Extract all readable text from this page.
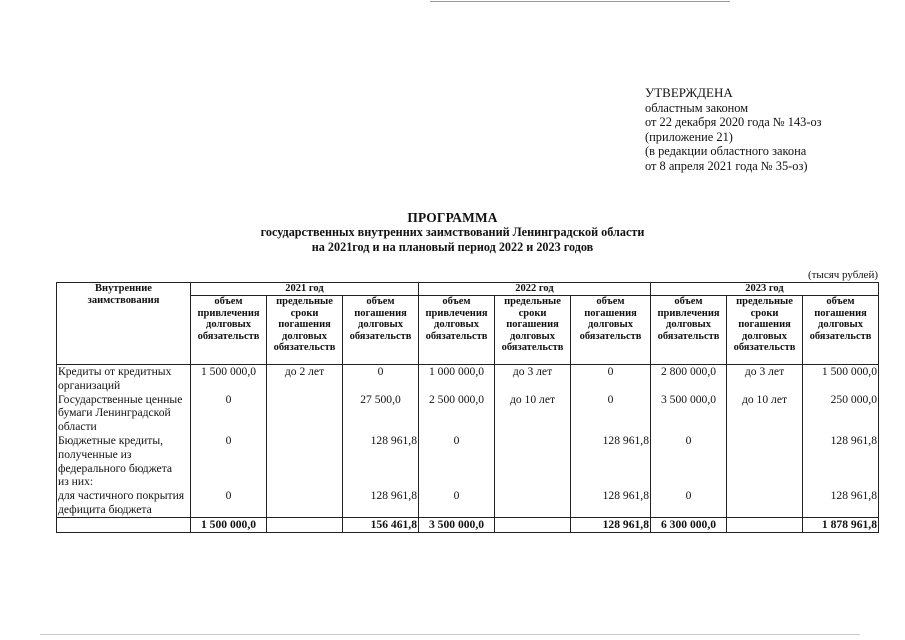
УТВЕРЖДЕНА
областным законом
от 22 декабря 2020 года № 143-оз
(приложение 21)
(в редакции областного закона
от 8 апреля 2021 года № 35-оз)
ПРОГРАММА
государственных внутренних заимствований Ленинградской области
на 2021год и на плановый период 2022 и 2023 годов
(тысяч рублей)
Внутренние заимствования	2021 год			2022 год			2023 год		
	объем привлечения долговых обязательств	предельные сроки погашения долговых обязательств	объем погашения долговых обязательств	объем привлечения долговых обязательств	предельные сроки погашения долговых обязательств	объем погашения долговых обязательств	объем привлечения долговых обязательств	предельные сроки погашения долговых обязательств	объем погашения долговых обязательств
Кредиты от кредитных организаций	1 500 000,0	до 2 лет	0	1 000 000,0	до 3 лет	0	2 800 000,0	до 3 лет	1 500 000,0
Государственные ценные бумаги Ленинградской области	0		27 500,0	2 500 000,0	до 10 лет	0	3 500 000,0	до 10 лет	250 000,0
Бюджетные кредиты, полученные из федерального бюджета	0		128 961,8	0		128 961,8	0		128 961,8
из них:									
для частичного покрытия дефицита бюджета	0		128 961,8	0		128 961,8	0		128 961,8
	1 500 000,0		156 461,8	3 500 000,0		128 961,8	6 300 000,0		1 878 961,8
